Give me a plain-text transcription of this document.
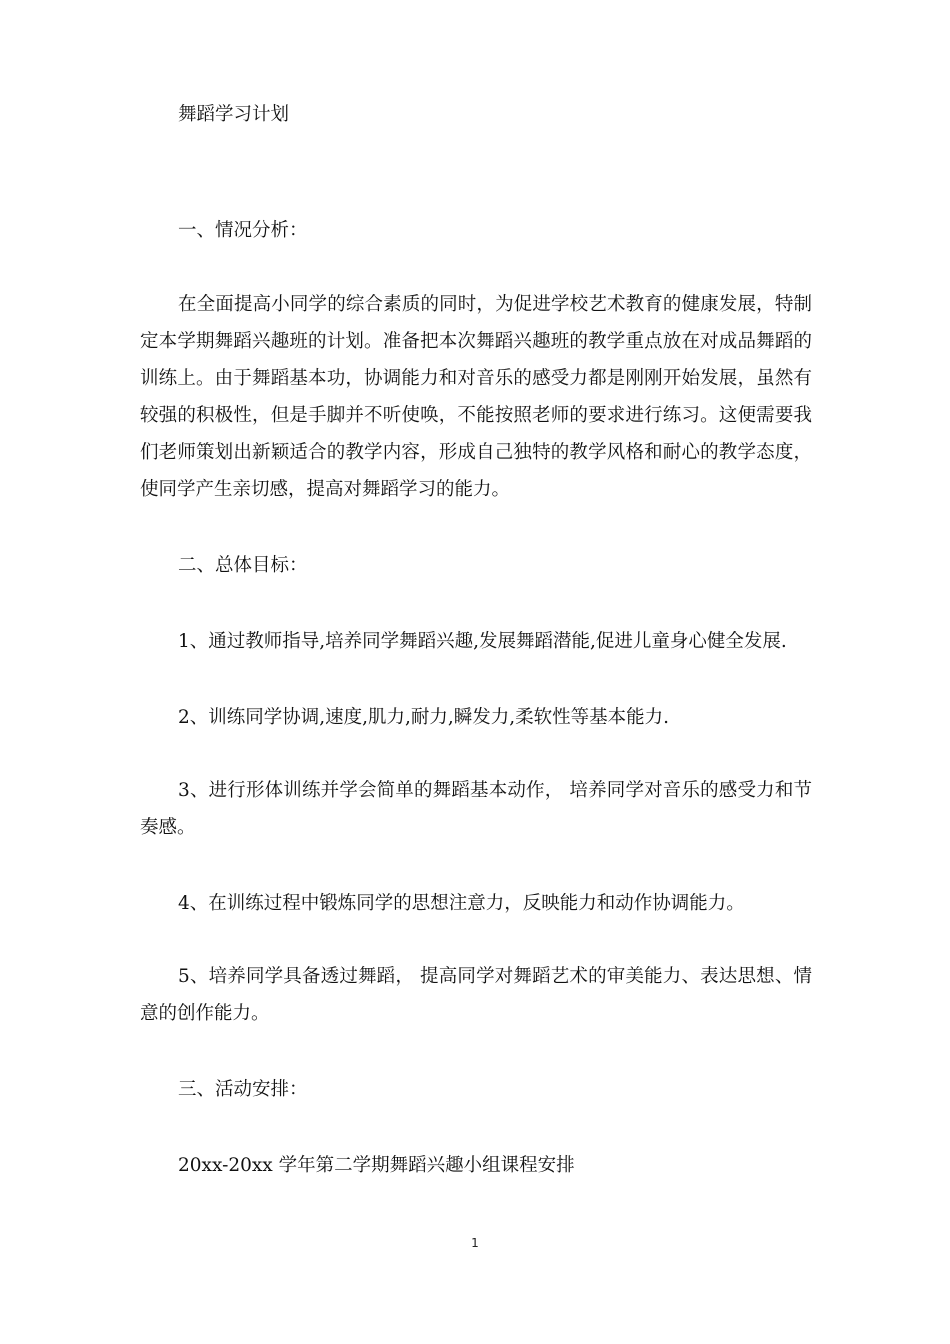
舞蹈学习计划
一、情况分析：

在全面提高小同学的综合素质的同时，为促进学校艺术教育的健康发展，特制定本学期舞蹈兴趣班的计划。准备把本次舞蹈兴趣班的教学重点放在对成品舞蹈的训练上。由于舞蹈基本功，协调能力和对音乐的感受力都是刚刚开始发展，虽然有较强的积极性，但是手脚并不听使唤，不能按照老师的要求进行练习。这便需要我们老师策划出新颖适合的教学内容，形成自己独特的教学风格和耐心的教学态度，使同学产生亲切感，提高对舞蹈学习的能力。

二、总体目标：
1、通过教师指导,培养同学舞蹈兴趣,发展舞蹈潜能,促进儿童身心健全发展.
2、训练同学协调,速度,肌力,耐力,瞬发力,柔软性等基本能力.

3、进行形体训练并学会简单的舞蹈基本动作， 培养同学对音乐的感受力和节奏感。

4、在训练过程中锻炼同学的思想注意力，反映能力和动作协调能力。

5、培养同学具备透过舞蹈， 提高同学对舞蹈艺术的审美能力、表达思想、情意的创作能力。

三、活动安排：
20xx-20xx 学年第二学期舞蹈兴趣小组课程安排
1
